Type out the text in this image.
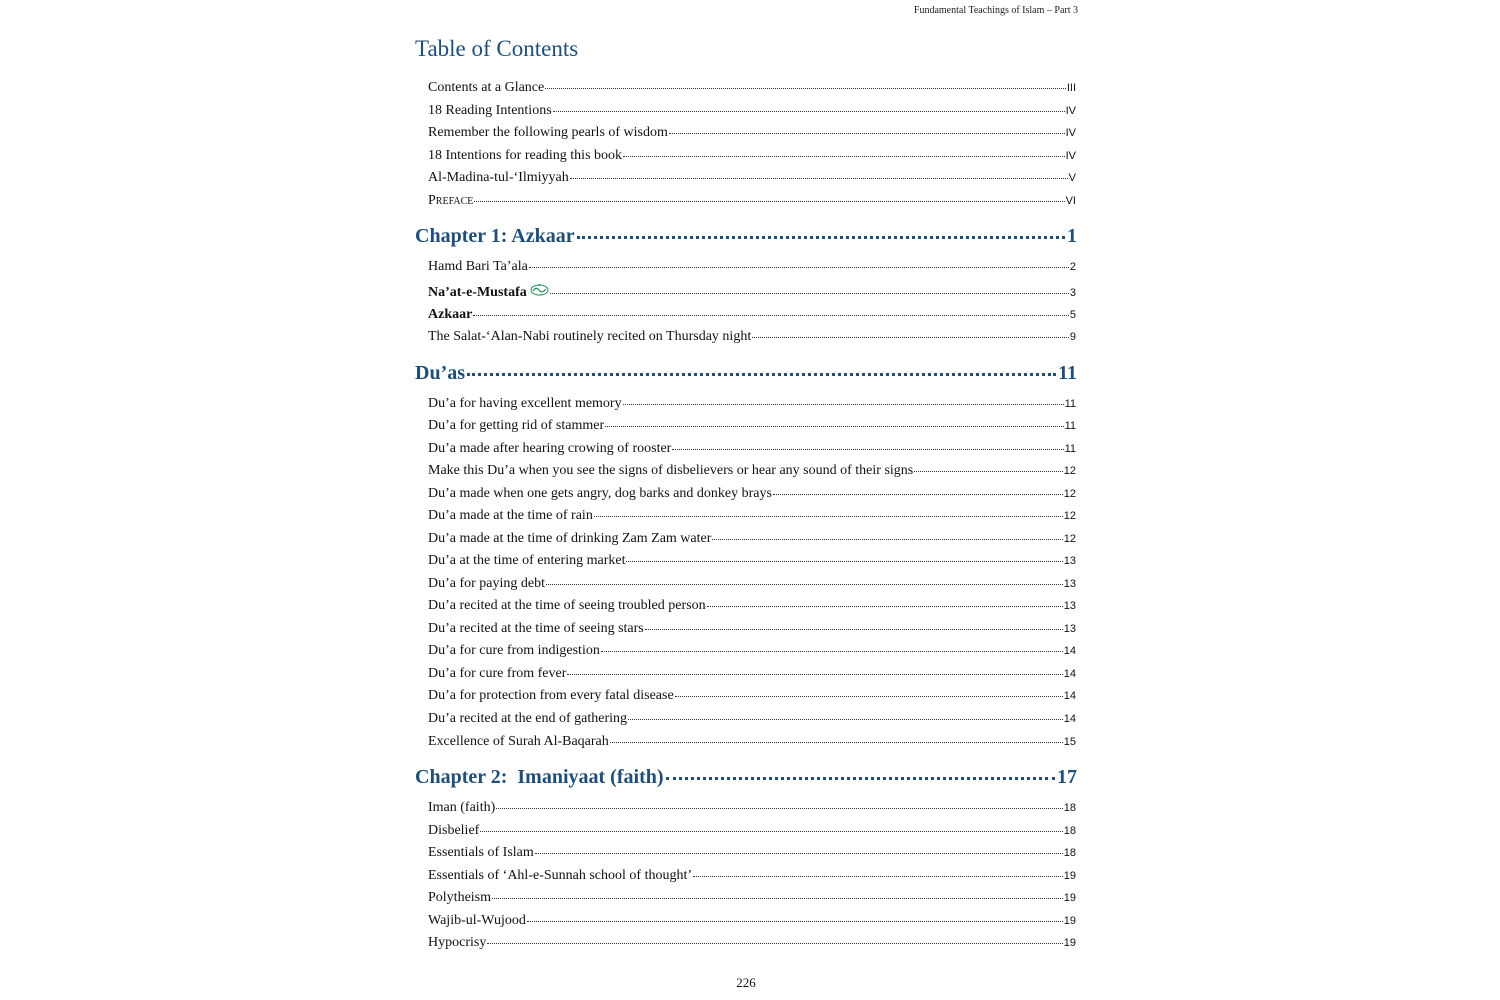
Fundamental Teachings of Islam – Part 3
Table of Contents
Contents at a Glance	III
18 Reading Intentions	IV
Remember the following pearls of wisdom	IV
18 Intentions for reading this book	IV
Al-Madina-tul-‘Ilmiyyah	V
Preface	VI
Chapter 1: Azkaar	1
Hamd Bari Ta’ala	2
Na’at-e-Mustafa	3
Azkaar	5
The Salat-‘Alan-Nabi routinely recited on Thursday night	9
Du’as	11
Du’a for having excellent memory	11
Du’a for getting rid of stammer	11
Du’a made after hearing crowing of rooster	11
Make this Du’a when you see the signs of disbelievers or hear any sound of their signs	12
Du’a made when one gets angry, dog barks and donkey brays	12
Du’a made at the time of rain	12
Du’a made at the time of drinking Zam Zam water	12
Du’a at the time of entering market	13
Du’a for paying debt	13
Du’a recited at the time of seeing troubled person	13
Du’a recited at the time of seeing stars	13
Du’a for cure from indigestion	14
Du’a for cure from fever	14
Du’a for protection from every fatal disease	14
Du’a recited at the end of gathering	14
Excellence of Surah Al-Baqarah	15
Chapter 2:  Imaniyaat (faith)	17
Iman (faith)	18
Disbelief	18
Essentials of Islam	18
Essentials of ‘Ahl-e-Sunnah school of thought’	19
Polytheism	19
Wajib-ul-Wujood	19
Hypocrisy	19
226
